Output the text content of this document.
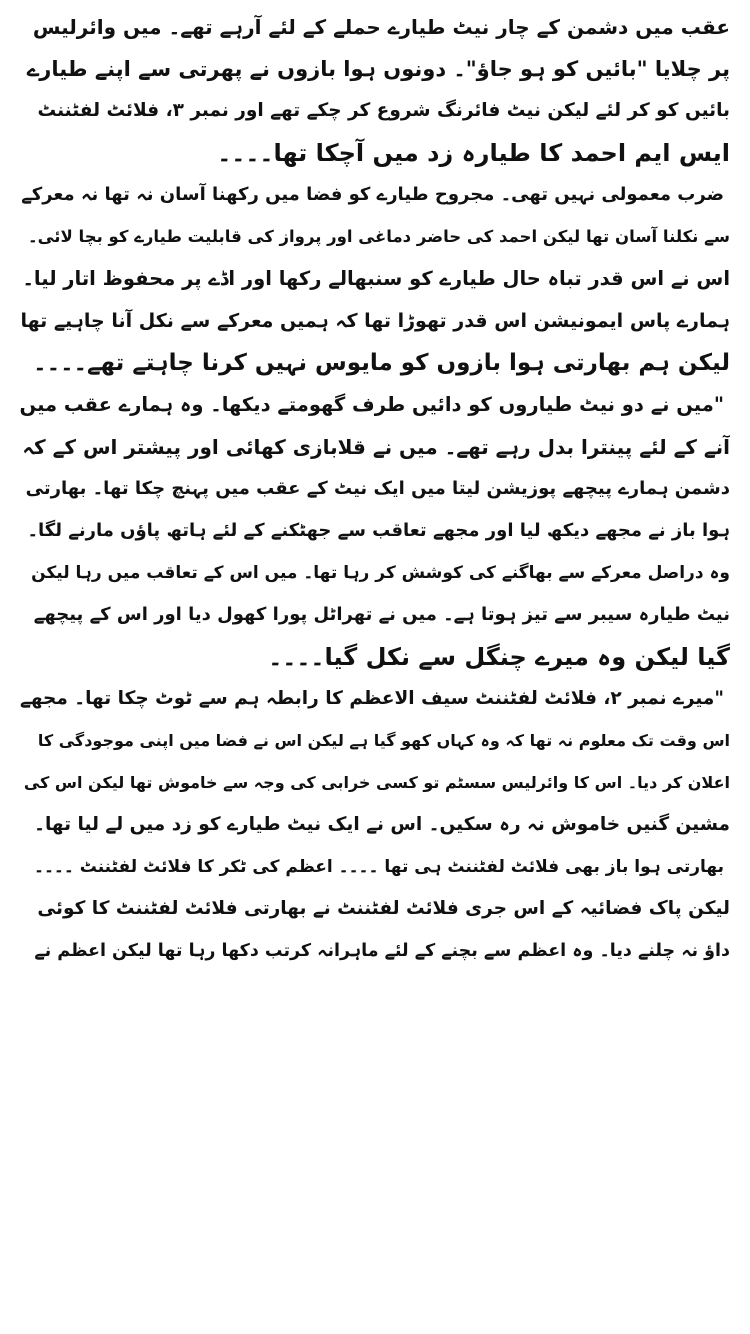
عقب میں دشمن کے چار نیٹ طیارے حملے کے لئے آرہے تھے۔ میں وائرلیس
پر چلایا "بائیں کو ہو جاؤ"۔ دونوں ہوا بازوں نے پھرتی سے اپنے طیارے
بائیں کو کر لئے لیکن نیٹ فائرنگ شروع کر چکے تھے اور نمبر ۳، فلائٹ لفٹننٹ
ایس ایم احمد کا طیارہ زد میں آچکا تھا۔۔۔۔
ضرب معمولی نہیں تھی۔ مجروح طیارے کو فضا میں رکھنا آسان نہ تھا نہ معرکے
سے نکلنا آسان تھا لیکن احمد کی حاضر دماغی اور پرواز کی قابلیت طیارے کو بچا لائی۔
اس نے اس قدر تباہ حال طیارے کو سنبھالے رکھا اور اڈے پر محفوظ اتار لیا۔
ہمارے پاس ایمونیشن اس قدر تھوڑا تھا کہ ہمیں معرکے سے نکل آنا چاہیے تھا
لیکن ہم بھارتی ہوا بازوں کو مایوس نہیں کرنا چاہتے تھے۔۔۔۔
"میں نے دو نیٹ طیاروں کو دائیں طرف گھومتے دیکھا۔ وہ ہمارے عقب میں
آنے کے لئے پینترا بدل رہے تھے۔ میں نے قلابازی کھائی اور پیشتر اس کے کہ
دشمن ہمارے پیچھے پوزیشن لیتا میں ایک نیٹ کے عقب میں پہنچ چکا تھا۔ بھارتی
ہوا باز نے مجھے دیکھ لیا اور مجھے تعاقب سے جھٹکنے کے لئے ہاتھ پاؤں مارنے لگا۔
وہ دراصل معرکے سے بھاگنے کی کوشش کر رہا تھا۔ میں اس کے تعاقب میں رہا لیکن
نیٹ طیارہ سیبر سے تیز ہوتا ہے۔ میں نے تھراٹل پورا کھول دیا اور اس کے پیچھے
گیا لیکن وہ میرے چنگل سے نکل گیا۔۔۔۔
"میرے نمبر ۲، فلائٹ لفٹننٹ سیف الاعظم کا رابطہ ہم سے ٹوٹ چکا تھا۔ مجھے
اس وقت تک معلوم نہ تھا کہ وہ کہاں کھو گیا ہے لیکن اس نے فضا میں اپنی موجودگی کا
اعلان کر دیا۔ اس کا وائرلیس سسٹم تو کسی خرابی کی وجہ سے خاموش تھا لیکن اس کی
مشین گنیں خاموش نہ رہ سکیں۔ اس نے ایک نیٹ طیارے کو زد میں لے لیا تھا۔
بھارتی ہوا باز بھی فلائٹ لفٹننٹ ہی تھا ۔۔۔۔ اعظم کی ٹکر کا فلائٹ لفٹننٹ ۔۔۔۔
لیکن پاک فضائیہ کے اس جری فلائٹ لفٹننٹ نے بھارتی فلائٹ لفٹننٹ کا کوئی
داؤ نہ چلنے دیا۔ وہ اعظم سے بچنے کے لئے ماہرانہ کرتب دکھا رہا تھا لیکن اعظم نے
